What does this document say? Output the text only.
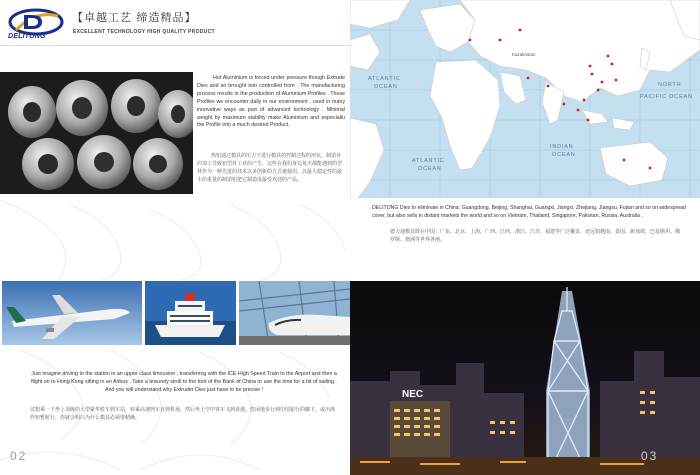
DELITONG
【卓越工艺 缔造精品】
EXCELLENT TECHNOLOGY HIGH QUALITY PRODUCT

Hot Aluminium is forced under pressure though Extrude Dies and so brought into controlled from . The manufacturing process results in the production of Aluminium Profiles . These Profiles we encounter daily in our environment , used in many innovative ways as part of advanced technology . Minimal weight by maximum stability make Aluminium and especiallu the Profile into a much desired Product.

热铝通过模具的压力下进行模具的控制过程的形状。制造业的加工导致铝型材工业的产生，这些在我们身边每天都能遇到的型材作为一种先进的技术以多创新的方式被使用。以最大稳定性的最小的重量的制造铝把它制造成最受欢迎的产品。

Just imagine driving to the station in an upper class limousine , transferring with the ICE High Speed Train to the Airport and then a flight on to Hong Kong sitting in an Airbus . Take a leisurely stroll to the foot of the Bank of China or use the time for a bit of sailing . And you will understand why Extruder Dies just have to be precise !

试想乘一下坐上顶级的大型豪华轿车到车站，转乘高速列车直到机场，然后坐上空中客车飞到香港。悠闲地步行到中国银行的脚下。或出海作短暂航行，你就会明白为什么模具必须要精确。

02
ATLANTIC
OCEAN
ATLANTIC
OCEAN
INDIAN
OCEAN
NORTH
PACIFIC OCEAN
Kazakhstan

DELITONG Dies to eliminate in China: Guangdong, Beijing, Shanghai, Guangxi, Jiangxi, Zhejiang, Jiangsu, Fujian and so on widespread cover, but also sells in distant markets the world and so on Vietnam, Thailand, Singapore, Pakistan, Russia, Australia ,

德力通模具除在中国：广东、北京、上海、广西、江西、浙江、江苏、福建等广泛覆盖，还远销越南、泰国、新加坡、巴基斯坦、俄罗斯、澳洲等世界各地。

NEC
03
